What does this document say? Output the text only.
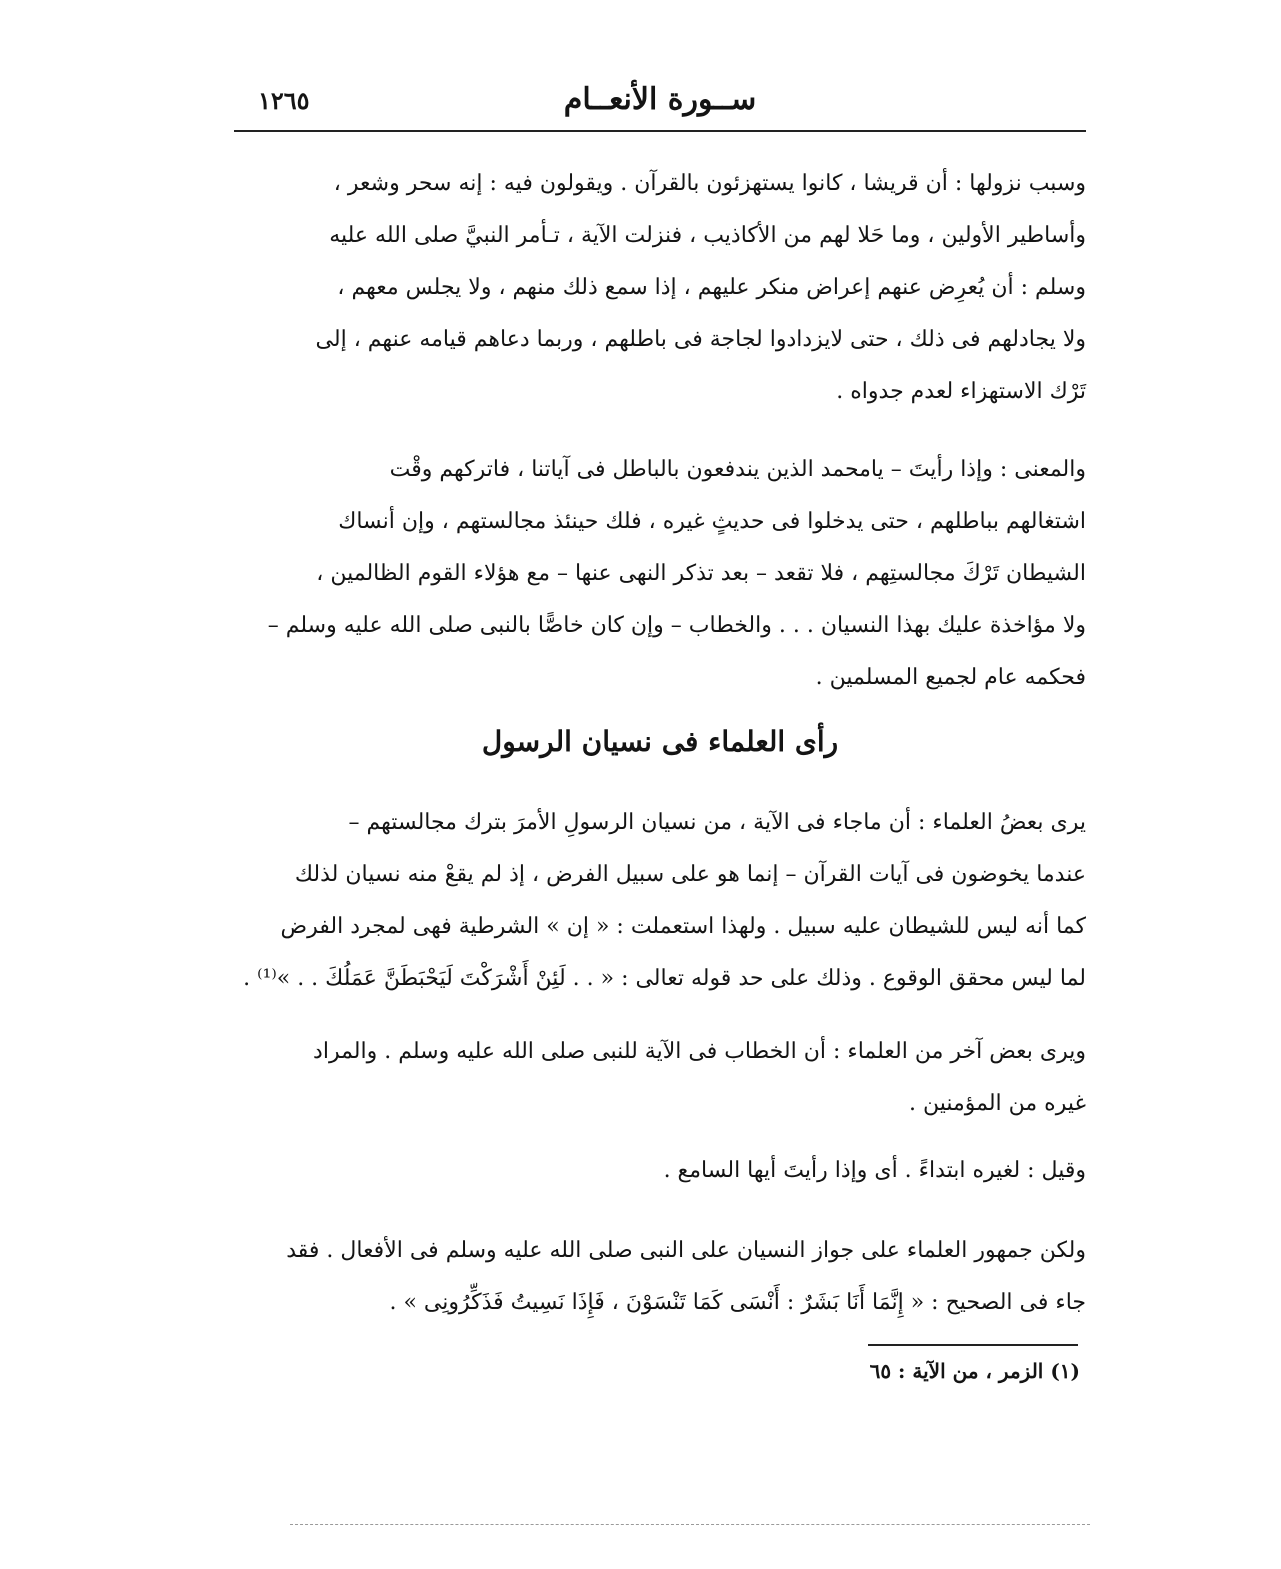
ســورة الأنعــام
١٢٦٥

وسبب نزولها : أن قريشا ، كانوا يستهزئون بالقرآن . ويقولون فيه : إنه سحر وشعر ،
وأساطير الأولين ، وما حَلا لهم من الأكاذيب ، فنزلت الآية ، تـأمر النبيَّ صلى الله عليه
وسلم : أن يُعرِض عنهم إعراض منكر عليهم ، إذا سمع ذلك منهم ، ولا يجلس معهم ،
ولا يجادلهم فى ذلك ، حتى لايزدادوا لجاجة فى باطلهم ، وربما دعاهم قيامه عنهم ، إلى
تَرْك الاستهزاء لعدم جدواه .

والمعنى : وإذا رأيتَ – يامحمد الذين يندفعون بالباطل فى آياتنا ، فاتركهم وقْت
اشتغالهم بباطلهم ، حتى يدخلوا فى حديثٍ غيره ، فلك حينئذ مجالستهم ، وإن أنساك
الشيطان تَرْكَ مجالستِهم ، فلا تقعد – بعد تذكر النهى عنها – مع هؤلاء القوم الظالمين ،
ولا مؤاخذة عليك بهذا النسيان . . . والخطاب – وإن كان خاصًّا بالنبى صلى الله عليه وسلم –
فحكمه عام لجميع المسلمين .

رأى العلماء فى نسيان الرسول

يرى بعضُ العلماء : أن ماجاء فى الآية ، من نسيان الرسولِ الأمرَ بترك مجالستهم –
عندما يخوضون فى آيات القرآن – إنما هو على سبيل الفرض ، إذ لم يقعْ منه نسيان لذلك
كما أنه ليس للشيطان عليه سبيل . ولهذا استعملت : « إن » الشرطية فهى لمجرد الفرض
لما ليس محقق الوقوع . وذلك على حد قوله تعالى : « . . لَئِنْ أَشْرَكْتَ لَيَحْبَطَنَّ عَمَلُكَ . . »⁽¹⁾ .

ويرى بعض آخر من العلماء : أن الخطاب فى الآية للنبى صلى الله عليه وسلم . والمراد
غيره من المؤمنين .

وقيل : لغيره ابتداءً . أى وإذا رأيتَ أيها السامع .

ولكن جمهور العلماء على جواز النسيان على النبى صلى الله عليه وسلم فى الأفعال . فقد
جاء فى الصحيح : « إِنَّمَا أَنَا بَشَرٌ : أَنْسَى كَمَا تَنْسَوْنَ ، فَإِذَا نَسِيتُ فَذَكِّرُونِى » .

(١) الزمر ، من الآية : ٦٥
